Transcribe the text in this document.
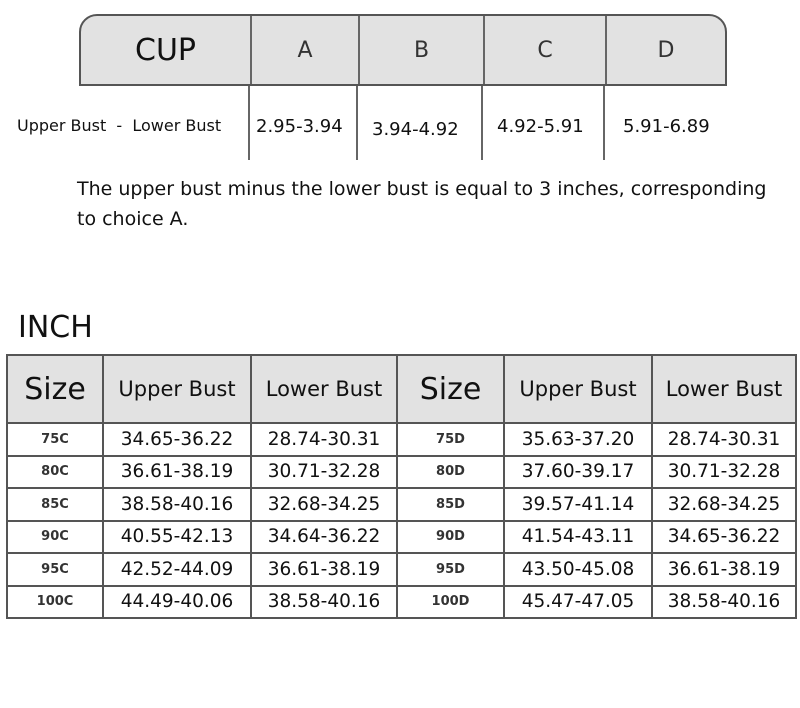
CUP	A	B	C	D
Upper Bust  -  Lower Bust 2.95-3.94 3.94-4.92 4.92-5.91 5.91-6.89
The upper bust minus the lower bust is equal to 3 inches, corresponding to choice A.
INCH
Size	Upper Bust	Lower Bust	Size	Upper Bust	Lower Bust
75C	34.65-36.22	28.74-30.31	75D	35.63-37.20	28.74-30.31
80C	36.61-38.19	30.71-32.28	80D	37.60-39.17	30.71-32.28
85C	38.58-40.16	32.68-34.25	85D	39.57-41.14	32.68-34.25
90C	40.55-42.13	34.64-36.22	90D	41.54-43.11	34.65-36.22
95C	42.52-44.09	36.61-38.19	95D	43.50-45.08	36.61-38.19
100C	44.49-40.06	38.58-40.16	100D	45.47-47.05	38.58-40.16
